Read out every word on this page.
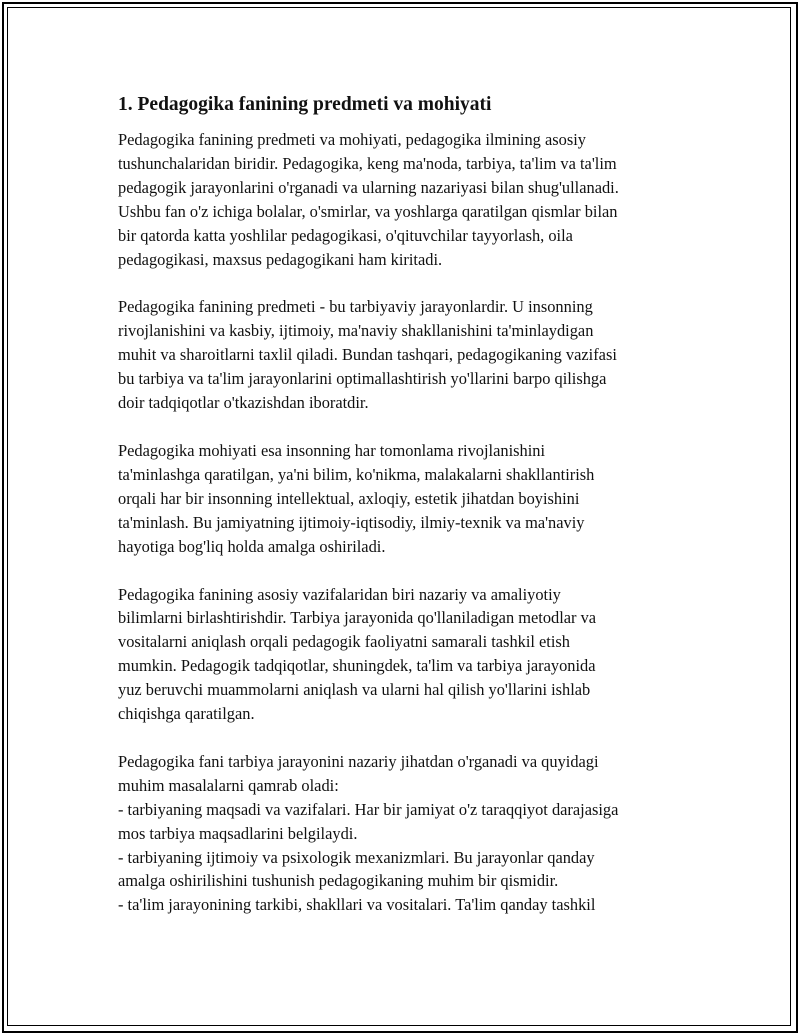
1. Pedagogika fanining predmeti va mohiyati
Pedagogika fanining predmeti va mohiyati, pedagogika ilmining asosiy
tushunchalaridan biridir. Pedagogika, keng ma'noda, tarbiya, ta'lim va ta'lim
pedagogik jarayonlarini o'rganadi va ularning nazariyasi bilan shug'ullanadi.
Ushbu fan o'z ichiga bolalar, o'smirlar, va yoshlarga qaratilgan qismlar bilan
bir qatorda katta yoshlilar pedagogikasi, o'qituvchilar tayyorlash, oila
pedagogikasi, maxsus pedagogikani ham kiritadi.
Pedagogika fanining predmeti - bu tarbiyaviy jarayonlardir. U insonning
rivojlanishini va kasbiy, ijtimoiy, ma'naviy shakllanishini ta'minlaydigan
muhit va sharoitlarni taxlil qiladi. Bundan tashqari, pedagogikaning vazifasi
bu tarbiya va ta'lim jarayonlarini optimallashtirish yo'llarini barpo qilishga
doir tadqiqotlar o'tkazishdan iboratdir.
Pedagogika mohiyati esa insonning har tomonlama rivojlanishini
ta'minlashga qaratilgan, ya'ni bilim, ko'nikma, malakalarni shakllantirish
orqali har bir insonning intellektual, axloqiy, estetik jihatdan boyishini
ta'minlash. Bu jamiyatning ijtimoiy-iqtisodiy, ilmiy-texnik va ma'naviy
hayotiga bog'liq holda amalga oshiriladi.
Pedagogika fanining asosiy vazifalaridan biri nazariy va amaliyotiy
bilimlarni birlashtirishdir. Tarbiya jarayonida qo'llaniladigan metodlar va
vositalarni aniqlash orqali pedagogik faoliyatni samarali tashkil etish
mumkin. Pedagogik tadqiqotlar, shuningdek, ta'lim va tarbiya jarayonida
yuz beruvchi muammolarni aniqlash va ularni hal qilish yo'llarini ishlab
chiqishga qaratilgan.
Pedagogika fani tarbiya jarayonini nazariy jihatdan o'rganadi va quyidagi
muhim masalalarni qamrab oladi:
- tarbiyaning maqsadi va vazifalari. Har bir jamiyat o'z taraqqiyot darajasiga
mos tarbiya maqsadlarini belgilaydi.
- tarbiyaning ijtimoiy va psixologik mexanizmlari. Bu jarayonlar qanday
amalga oshirilishini tushunish pedagogikaning muhim bir qismidir.
- ta'lim jarayonining tarkibi, shakllari va vositalari. Ta'lim qanday tashkil
